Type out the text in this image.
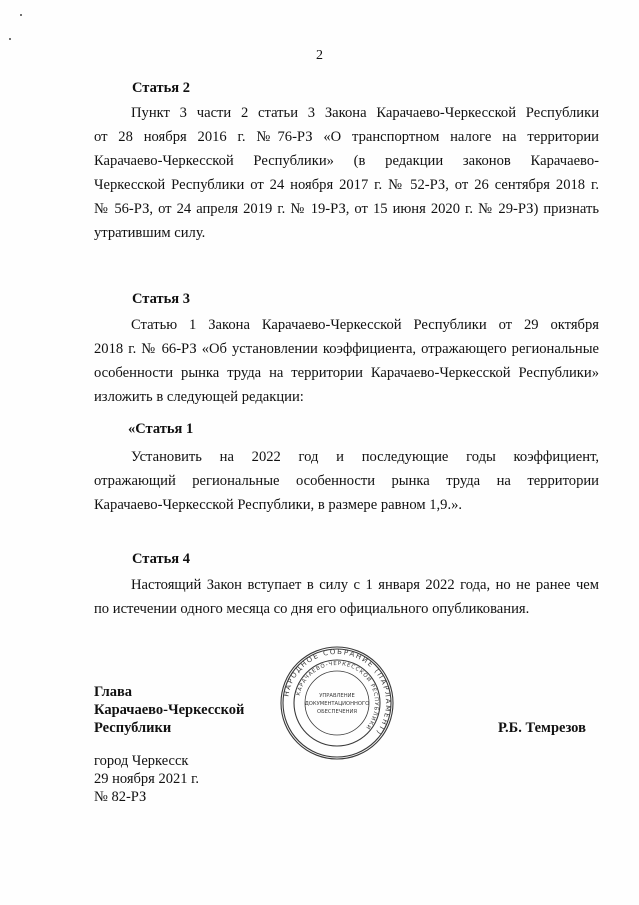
2
Статья 2
Пункт 3 части 2 статьи 3 Закона Карачаево-Черкесской Республики
от 28 ноября 2016 г. №76-РЗ «О транспортном налоге на территории
Карачаево-Черкесской Республики» (в редакции законов Карачаево-
Черкесской Республики от 24 ноября 2017 г. № 52-РЗ, от 26 сентября 2018 г.
№ 56-РЗ, от 24 апреля 2019 г. № 19-РЗ, от 15 июня 2020 г. № 29-РЗ) признать
утратившим силу.
Статья 3
Статью 1 Закона Карачаево-Черкесской Республики от 29 октября
2018 г. № 66-РЗ «Об установлении коэффициента, отражающего региональные
особенности рынка труда на территории Карачаево-Черкесской Республики»
изложить в следующей редакции:
«Статья 1
Установить на 2022 год и последующие годы коэффициент,
отражающий региональные особенности рынка труда на территории
Карачаево-Черкесской Республики, в размере равном 1,9.».
Статья 4
Настоящий Закон вступает в силу с 1 января 2022 года, но не ранее чем
по истечении одного месяца со дня его официального опубликования.
Глава
Карачаево-Черкесской
Республики	Р.Б. Темрезов
город Черкесск
29 ноября 2021 г.
№ 82-РЗ
НАРОДНОЕ СОБРАНИЕ (ПАРЛАМЕНТ)
КАРАЧАЕВО-ЧЕРКЕССКОЙ РЕСПУБЛИКИ
УПРАВЛЕНИЕ
ДОКУМЕНТАЦИОННОГО
ОБЕСПЕЧЕНИЯ
